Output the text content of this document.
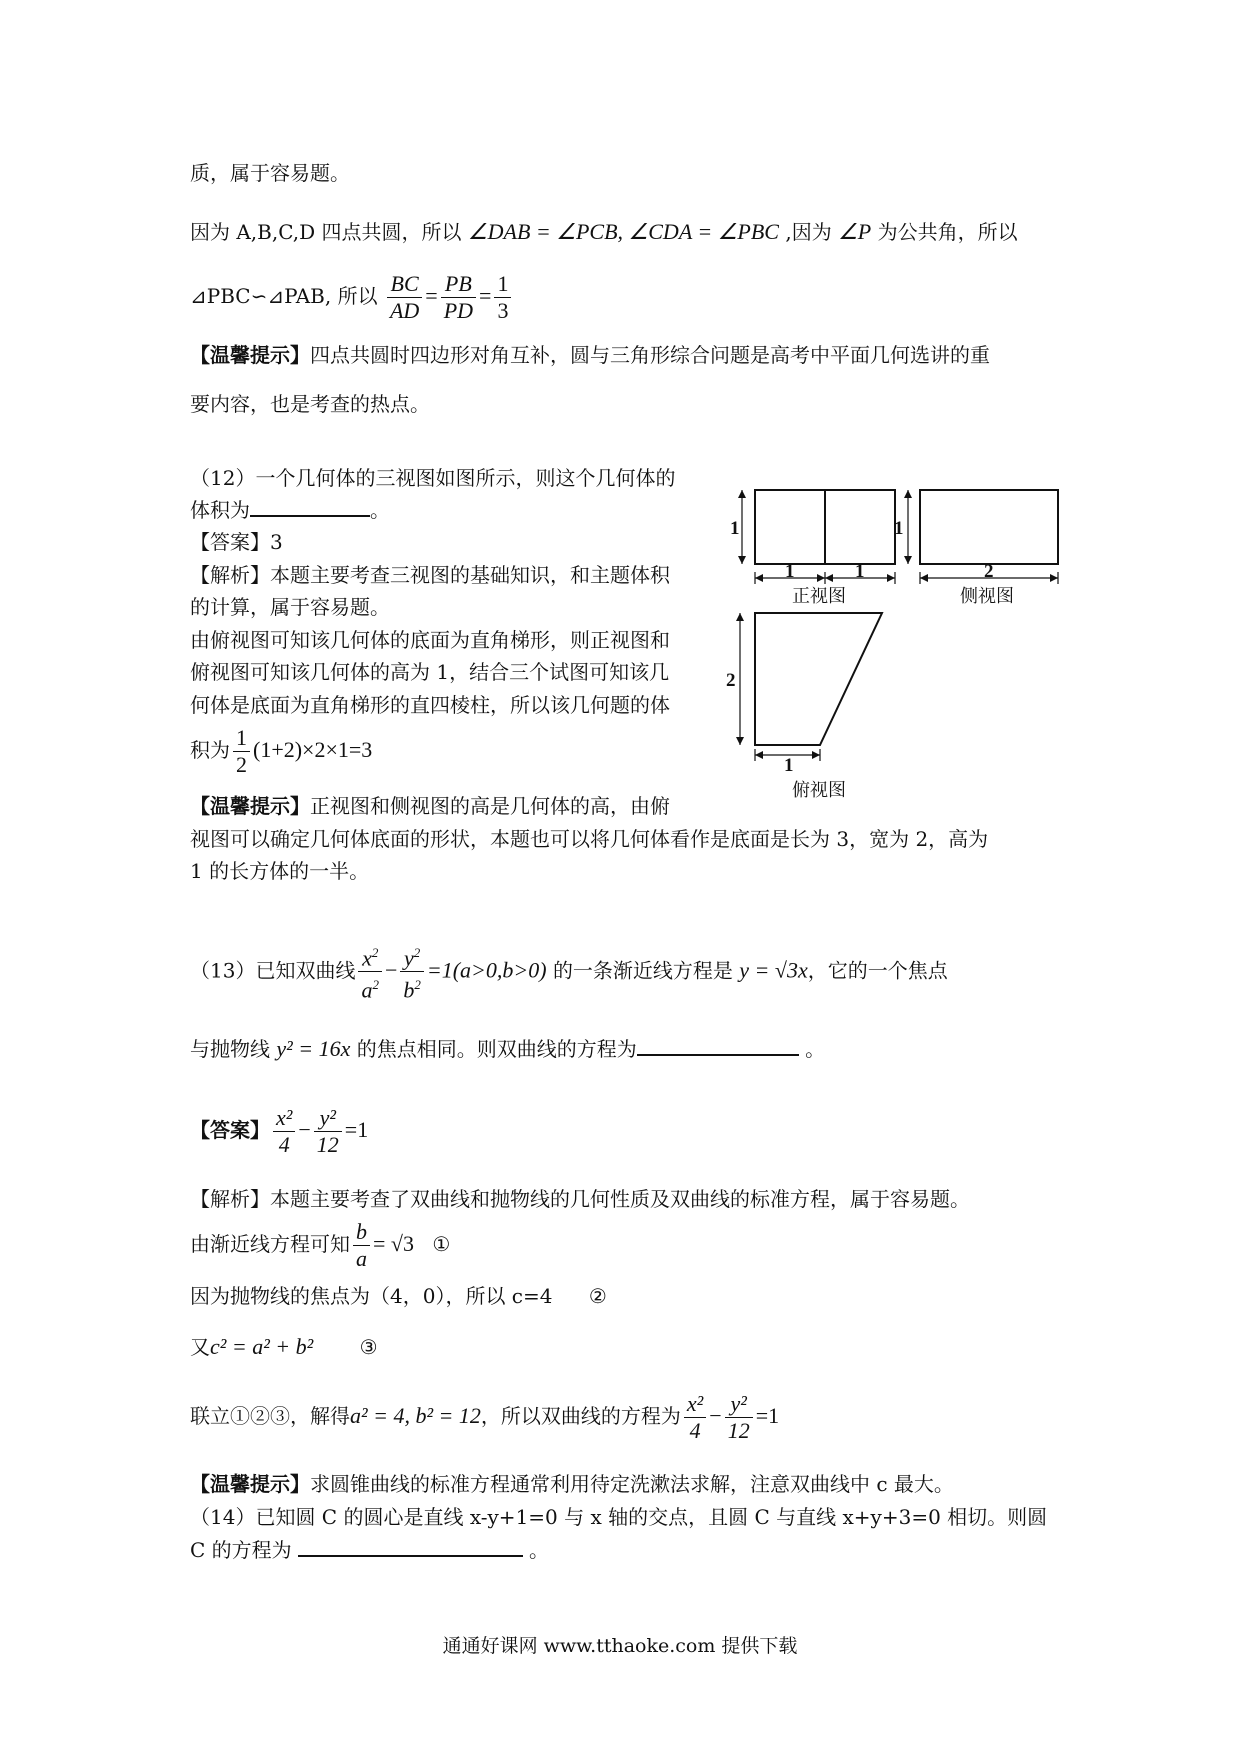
质，属于容易题。
因为 A,B,C,D 四点共圆，所以 ∠DAB = ∠PCB, ∠CDA = ∠PBC ,因为 ∠P 为公共角，所以
⊿PBC∽⊿PAB, 所以 $\frac{BC}{AD} = \frac{PB}{PD} = \frac{1}{3}$
【温馨提示】四点共圆时四边形对角互补，圆与三角形综合问题是高考中平面几何选讲的重
要内容，也是考查的热点。
（12）一个几何体的三视图如图所示，则这个几何体的
体积为	。
【答案】3
【解析】本题主要考查三视图的基础知识，和主题体积
的计算，属于容易题。
由俯视图可知该几何体的底面为直角梯形，则正视图和
俯视图可知该几何体的高为 1，结合三个试图可知该几
何体是底面为直角梯形的直四棱柱，所以该几何题的体
积为 $\frac{1}{2} (1+2)\times 2\times 1=3$
【温馨提示】正视图和侧视图的高是几何体的高，由俯
视图可以确定几何体底面的形状，本题也可以将几何体看作是底面是长为 3，宽为 2，高为
1 的长方体的一半。
1
1	1
1
2
2
1
正视图	侧视图
俯视图
（13）已知双曲线 $\frac{x^2}{a^2} - \frac{y^2}{b^2} =1(a>0,b>0)$ 的一条渐近线方程是 y = √3x，它的一个焦点
与抛物线 y² = 16x 的焦点相同。则双曲线的方程为	。
【答案】 $\frac{\text{x²}}{4} - \frac{\text{y²}}{12} =1$
【解析】本题主要考查了双曲线和抛物线的几何性质及双曲线的标准方程，属于容易题。
由渐近线方程可知 $\frac{b}{a} = √3$ ①
因为抛物线的焦点为（4，0），所以 c=4 ②
又c² = a² + b² ③
联立①②③，解得a² = 4, b² = 12，所以双曲线的方程为 $\frac{\text{x²}}{4} - \frac{\text{y²}}{12} =1$
【温馨提示】求圆锥曲线的标准方程通常利用待定洗漱法求解，注意双曲线中 c 最大。
（14）已知圆 C 的圆心是直线 x-y+1=0 与 x 轴的交点，且圆 C 与直线 x+y+3=0 相切。则圆
C 的方程为	。
通通好课网 www.tthaoke.com 提供下载
